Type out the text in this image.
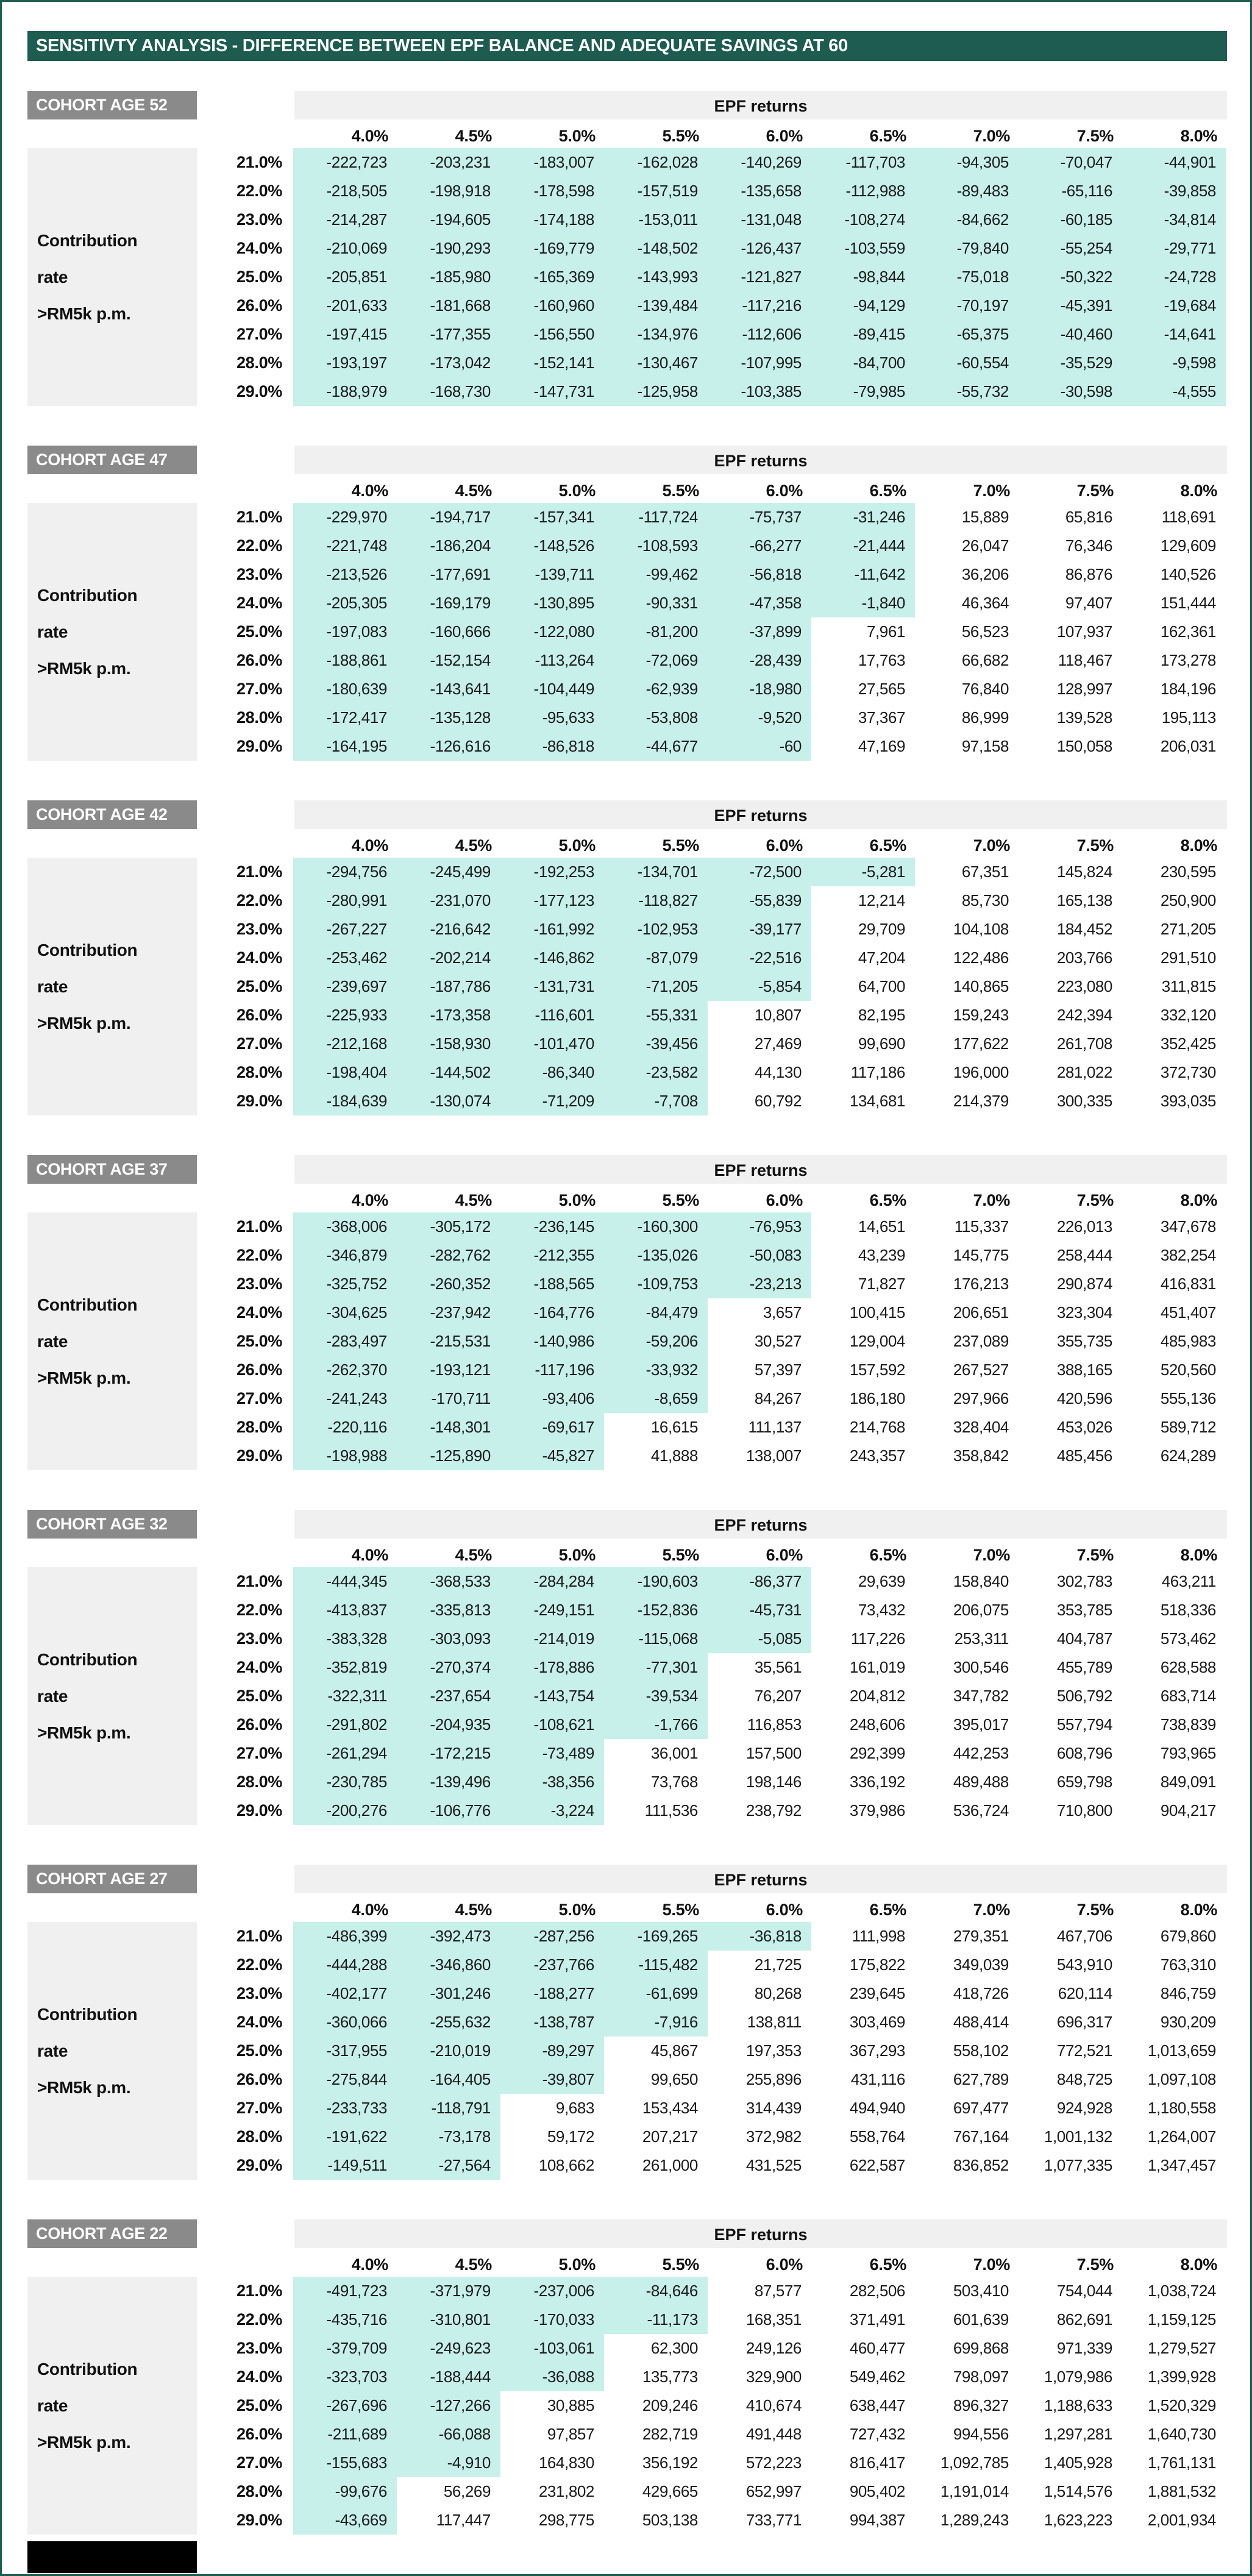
SENSITIVTY ANALYSIS - DIFFERENCE BETWEEN EPF BALANCE AND ADEQUATE SAVINGS AT 60
COHORT AGE 52	EPF returns
4.0%	4.5%	5.0%	5.5%	6.0%	6.5%	7.0%	7.5%	8.0%
Contribution
rate
>RM5k p.m.
21.0%	-222,723	-203,231	-183,007	-162,028	-140,269	-117,703	-94,305	-70,047	-44,901
22.0%	-218,505	-198,918	-178,598	-157,519	-135,658	-112,988	-89,483	-65,116	-39,858
23.0%	-214,287	-194,605	-174,188	-153,011	-131,048	-108,274	-84,662	-60,185	-34,814
24.0%	-210,069	-190,293	-169,779	-148,502	-126,437	-103,559	-79,840	-55,254	-29,771
25.0%	-205,851	-185,980	-165,369	-143,993	-121,827	-98,844	-75,018	-50,322	-24,728
26.0%	-201,633	-181,668	-160,960	-139,484	-117,216	-94,129	-70,197	-45,391	-19,684
27.0%	-197,415	-177,355	-156,550	-134,976	-112,606	-89,415	-65,375	-40,460	-14,641
28.0%	-193,197	-173,042	-152,141	-130,467	-107,995	-84,700	-60,554	-35,529	-9,598
29.0%	-188,979	-168,730	-147,731	-125,958	-103,385	-79,985	-55,732	-30,598	-4,555
COHORT AGE 47	EPF returns
4.0%	4.5%	5.0%	5.5%	6.0%	6.5%	7.0%	7.5%	8.0%
Contribution
rate
>RM5k p.m.
21.0%	-229,970	-194,717	-157,341	-117,724	-75,737	-31,246	15,889	65,816	118,691
22.0%	-221,748	-186,204	-148,526	-108,593	-66,277	-21,444	26,047	76,346	129,609
23.0%	-213,526	-177,691	-139,711	-99,462	-56,818	-11,642	36,206	86,876	140,526
24.0%	-205,305	-169,179	-130,895	-90,331	-47,358	-1,840	46,364	97,407	151,444
25.0%	-197,083	-160,666	-122,080	-81,200	-37,899	7,961	56,523	107,937	162,361
26.0%	-188,861	-152,154	-113,264	-72,069	-28,439	17,763	66,682	118,467	173,278
27.0%	-180,639	-143,641	-104,449	-62,939	-18,980	27,565	76,840	128,997	184,196
28.0%	-172,417	-135,128	-95,633	-53,808	-9,520	37,367	86,999	139,528	195,113
29.0%	-164,195	-126,616	-86,818	-44,677	-60	47,169	97,158	150,058	206,031
COHORT AGE 42	EPF returns
4.0%	4.5%	5.0%	5.5%	6.0%	6.5%	7.0%	7.5%	8.0%
Contribution
rate
>RM5k p.m.
21.0%	-294,756	-245,499	-192,253	-134,701	-72,500	-5,281	67,351	145,824	230,595
22.0%	-280,991	-231,070	-177,123	-118,827	-55,839	12,214	85,730	165,138	250,900
23.0%	-267,227	-216,642	-161,992	-102,953	-39,177	29,709	104,108	184,452	271,205
24.0%	-253,462	-202,214	-146,862	-87,079	-22,516	47,204	122,486	203,766	291,510
25.0%	-239,697	-187,786	-131,731	-71,205	-5,854	64,700	140,865	223,080	311,815
26.0%	-225,933	-173,358	-116,601	-55,331	10,807	82,195	159,243	242,394	332,120
27.0%	-212,168	-158,930	-101,470	-39,456	27,469	99,690	177,622	261,708	352,425
28.0%	-198,404	-144,502	-86,340	-23,582	44,130	117,186	196,000	281,022	372,730
29.0%	-184,639	-130,074	-71,209	-7,708	60,792	134,681	214,379	300,335	393,035
COHORT AGE 37	EPF returns
4.0%	4.5%	5.0%	5.5%	6.0%	6.5%	7.0%	7.5%	8.0%
Contribution
rate
>RM5k p.m.
21.0%	-368,006	-305,172	-236,145	-160,300	-76,953	14,651	115,337	226,013	347,678
22.0%	-346,879	-282,762	-212,355	-135,026	-50,083	43,239	145,775	258,444	382,254
23.0%	-325,752	-260,352	-188,565	-109,753	-23,213	71,827	176,213	290,874	416,831
24.0%	-304,625	-237,942	-164,776	-84,479	3,657	100,415	206,651	323,304	451,407
25.0%	-283,497	-215,531	-140,986	-59,206	30,527	129,004	237,089	355,735	485,983
26.0%	-262,370	-193,121	-117,196	-33,932	57,397	157,592	267,527	388,165	520,560
27.0%	-241,243	-170,711	-93,406	-8,659	84,267	186,180	297,966	420,596	555,136
28.0%	-220,116	-148,301	-69,617	16,615	111,137	214,768	328,404	453,026	589,712
29.0%	-198,988	-125,890	-45,827	41,888	138,007	243,357	358,842	485,456	624,289
COHORT AGE 32	EPF returns
4.0%	4.5%	5.0%	5.5%	6.0%	6.5%	7.0%	7.5%	8.0%
Contribution
rate
>RM5k p.m.
21.0%	-444,345	-368,533	-284,284	-190,603	-86,377	29,639	158,840	302,783	463,211
22.0%	-413,837	-335,813	-249,151	-152,836	-45,731	73,432	206,075	353,785	518,336
23.0%	-383,328	-303,093	-214,019	-115,068	-5,085	117,226	253,311	404,787	573,462
24.0%	-352,819	-270,374	-178,886	-77,301	35,561	161,019	300,546	455,789	628,588
25.0%	-322,311	-237,654	-143,754	-39,534	76,207	204,812	347,782	506,792	683,714
26.0%	-291,802	-204,935	-108,621	-1,766	116,853	248,606	395,017	557,794	738,839
27.0%	-261,294	-172,215	-73,489	36,001	157,500	292,399	442,253	608,796	793,965
28.0%	-230,785	-139,496	-38,356	73,768	198,146	336,192	489,488	659,798	849,091
29.0%	-200,276	-106,776	-3,224	111,536	238,792	379,986	536,724	710,800	904,217
COHORT AGE 27	EPF returns
4.0%	4.5%	5.0%	5.5%	6.0%	6.5%	7.0%	7.5%	8.0%
Contribution
rate
>RM5k p.m.
21.0%	-486,399	-392,473	-287,256	-169,265	-36,818	111,998	279,351	467,706	679,860
22.0%	-444,288	-346,860	-237,766	-115,482	21,725	175,822	349,039	543,910	763,310
23.0%	-402,177	-301,246	-188,277	-61,699	80,268	239,645	418,726	620,114	846,759
24.0%	-360,066	-255,632	-138,787	-7,916	138,811	303,469	488,414	696,317	930,209
25.0%	-317,955	-210,019	-89,297	45,867	197,353	367,293	558,102	772,521	1,013,659
26.0%	-275,844	-164,405	-39,807	99,650	255,896	431,116	627,789	848,725	1,097,108
27.0%	-233,733	-118,791	9,683	153,434	314,439	494,940	697,477	924,928	1,180,558
28.0%	-191,622	-73,178	59,172	207,217	372,982	558,764	767,164	1,001,132	1,264,007
29.0%	-149,511	-27,564	108,662	261,000	431,525	622,587	836,852	1,077,335	1,347,457
COHORT AGE 22	EPF returns
4.0%	4.5%	5.0%	5.5%	6.0%	6.5%	7.0%	7.5%	8.0%
Contribution
rate
>RM5k p.m.
21.0%	-491,723	-371,979	-237,006	-84,646	87,577	282,506	503,410	754,044	1,038,724
22.0%	-435,716	-310,801	-170,033	-11,173	168,351	371,491	601,639	862,691	1,159,125
23.0%	-379,709	-249,623	-103,061	62,300	249,126	460,477	699,868	971,339	1,279,527
24.0%	-323,703	-188,444	-36,088	135,773	329,900	549,462	798,097	1,079,986	1,399,928
25.0%	-267,696	-127,266	30,885	209,246	410,674	638,447	896,327	1,188,633	1,520,329
26.0%	-211,689	-66,088	97,857	282,719	491,448	727,432	994,556	1,297,281	1,640,730
27.0%	-155,683	-4,910	164,830	356,192	572,223	816,417	1,092,785	1,405,928	1,761,131
28.0%	-99,676	56,269	231,802	429,665	652,997	905,402	1,191,014	1,514,576	1,881,532
29.0%	-43,669	117,447	298,775	503,138	733,771	994,387	1,289,243	1,623,223	2,001,934
